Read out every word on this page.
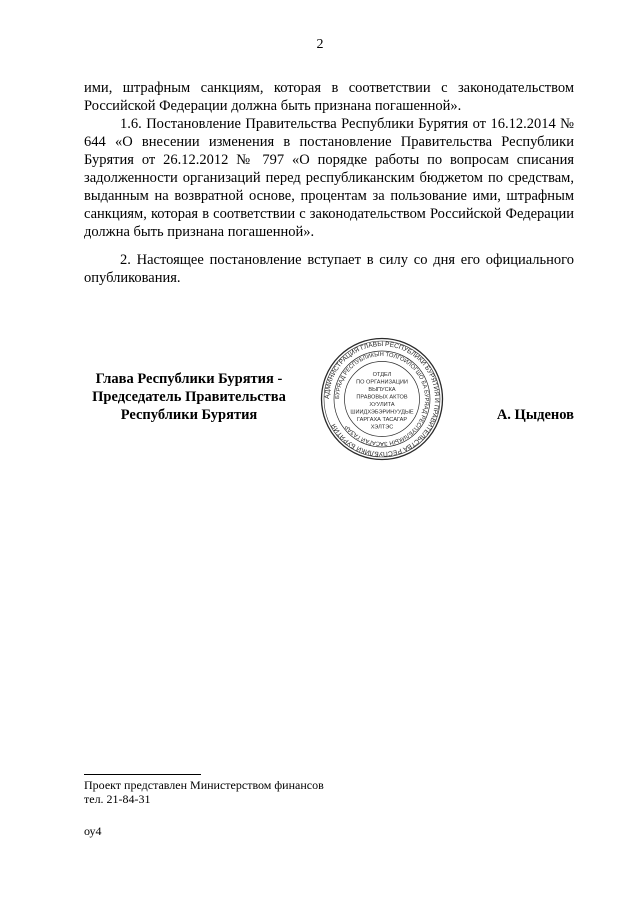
2

ими, штрафным санкциям, которая в соответствии с законодательством Российской Федерации должна быть признана погашенной».

1.6. Постановление Правительства Республики Бурятия от 16.12.2014 № 644 «О внесении изменения в постановление Правительства Республики Бурятия от 26.12.2012 № 797 «О порядке работы по вопросам списания задолженности организаций перед республиканским бюджетом по средствам, выданным на возвратной основе, процентам за пользование ими, штрафным санкциям, которая в соответствии с законодательством Российской Федерации должна быть признана погашенной».

2. Настоящее постановление вступает в силу со дня его официального опубликования.

Глава Республики Бурятия -
Председатель Правительства
Республики Бурятия
АДМИНИСТРАЦИЯ ГЛАВЫ РЕСПУБЛИКИ БУРЯТИЯ И ПРАВИТЕЛЬСТВА РЕСПУБЛИКИ БУРЯТИЯ
БУРЯАД РЕСПУБЛИКЫН ТОЛГОЙЛОГШО БА БУРЯАД РЕСПУБЛИКЫН ЗАСАГАЙ ГАЗАР
ОТДЕЛ
ПО ОРГАНИЗАЦИИ
ВЫПУСКА
ПРАВОВЫХ АКТОВ
ХУУЛИТА
ШИИДХЭБЭРИНУУДЫЕ
ГАРГАХА ТАСАГАР
ХЭЛТЭС
А. Цыденов
Проект представлен Министерством финансов
тел. 21-84-31
оу4
